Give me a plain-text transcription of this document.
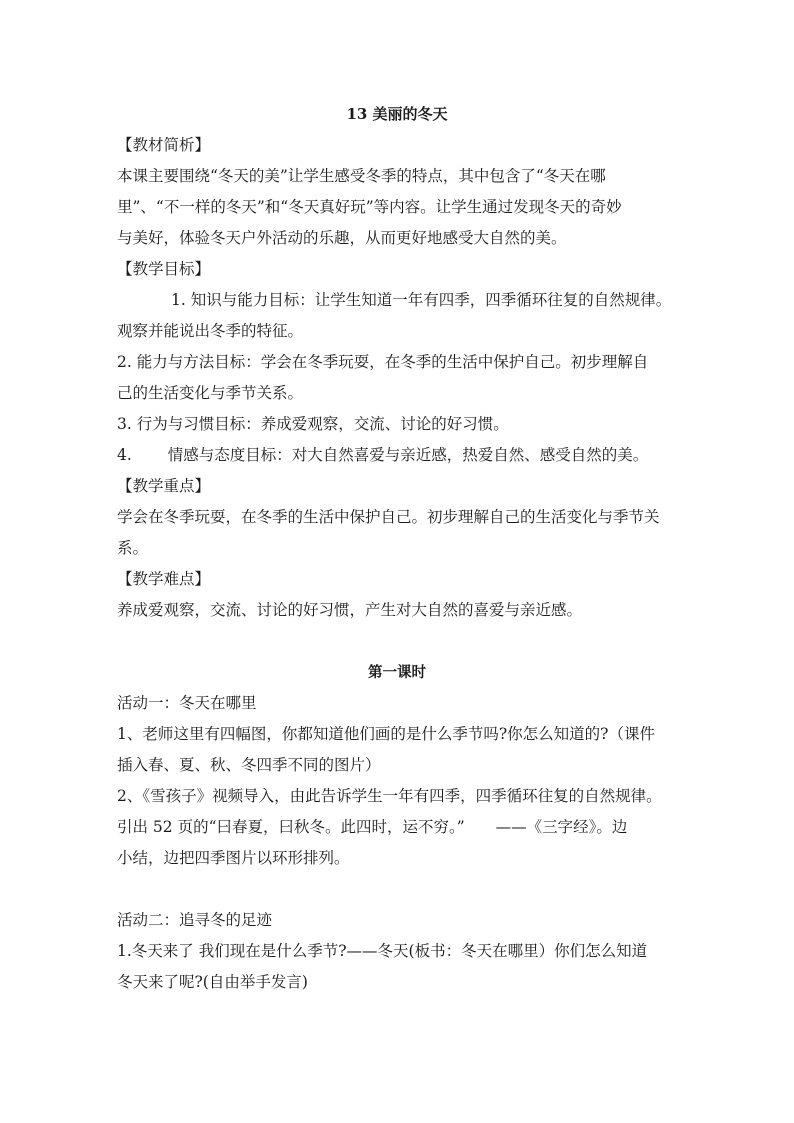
13 美丽的冬天
【教材简析】
本课主要围绕“冬天的美”让学生感受冬季的特点，其中包含了“冬天在哪
里”、“不一样的冬天”和“冬天真好玩”等内容。让学生通过发现冬天的奇妙
与美好，体验冬天户外活动的乐趣，从而更好地感受大自然的美。
【教学目标】
1. 知识与能力目标：让学生知道一年有四季，四季循环往复的自然规律。
观察并能说出冬季的特征。
2. 能力与方法目标：学会在冬季玩耍，在冬季的生活中保护自己。初步理解自
己的生活变化与季节关系。
3. 行为与习惯目标：养成爱观察，交流、讨论的好习惯。
4. 情感与态度目标：对大自然喜爱与亲近感，热爱自然、感受自然的美。
【教学重点】
学会在冬季玩耍，在冬季的生活中保护自己。初步理解自己的生活变化与季节关
系。
【教学难点】
养成爱观察，交流、讨论的好习惯，产生对大自然的喜爱与亲近感。
第一课时
活动一：冬天在哪里
1、老师这里有四幅图，你都知道他们画的是什么季节吗?你怎么知道的?（课件
插入春、夏、秋、冬四季不同的图片）
2、《雪孩子》视频导入，由此告诉学生一年有四季，四季循环往复的自然规律。
引出 52 页的“曰春夏，曰秋冬。此四时，运不穷。”　　——《三字经》。边
小结，边把四季图片以环形排列。
活动二：追寻冬的足迹
1.冬天来了 我们现在是什么季节?——冬天(板书：冬天在哪里）你们怎么知道
冬天来了呢?(自由举手发言)
